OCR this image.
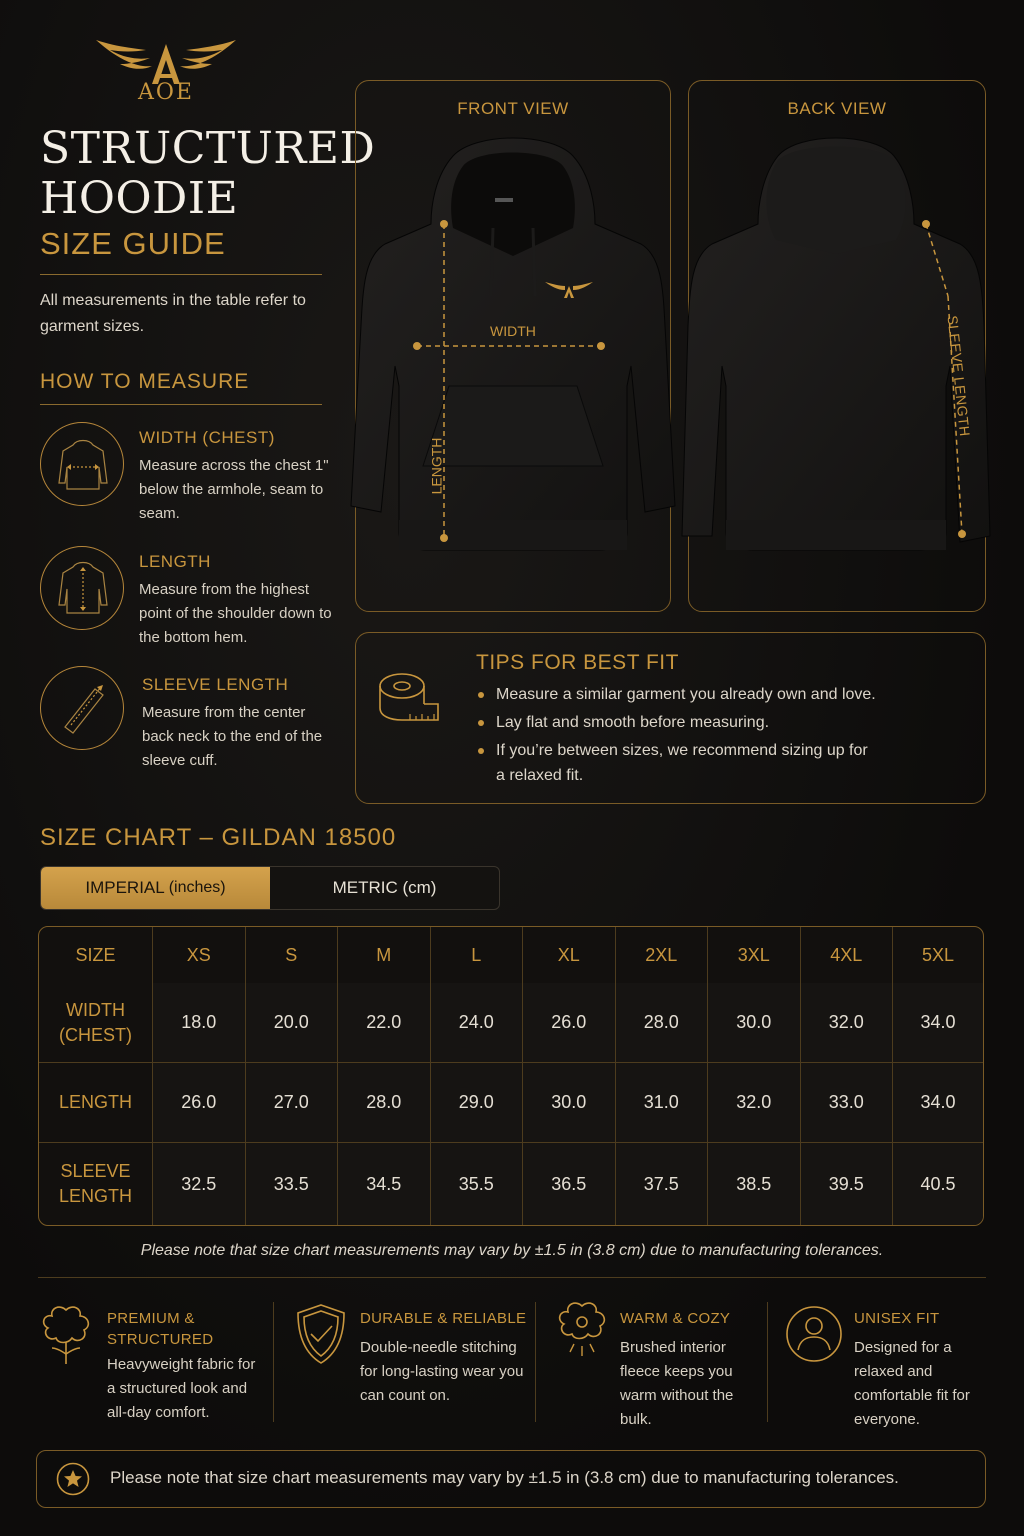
AOE
STRUCTURED
HOODIE
SIZE GUIDE
All measurements in the table refer to garment sizes.
HOW TO MEASURE
WIDTH (CHEST)
Measure across the chest 1" below the armhole, seam to seam.
LENGTH
Measure from the highest point of the shoulder down to the bottom hem.
SLEEVE LENGTH
Measure from the center back neck to the end of the sleeve cuff.
FRONT VIEW
WIDTH
LENGTH
BACK VIEW
SLEEVE LENGTH
TIPS FOR BEST FIT
Measure a similar garment you already own and love.
Lay flat and smooth before measuring.
If you’re between sizes, we recommend sizing up for a relaxed fit.
SIZE CHART – GILDAN 18500
IMPERIAL (inches)	METRIC (cm)
SIZE	XS	S	M	L	XL	2XL	3XL	4XL	5XL

WIDTH
(CHEST)	18.0	20.0	22.0	24.0	26.0	28.0	30.0	32.0	34.0

LENGTH	26.0	27.0	28.0	29.0	30.0	31.0	32.0	33.0	34.0

SLEEVE
LENGTH	32.5	33.5	34.5	35.5	36.5	37.5	38.5	39.5	40.5
Please note that size chart measurements may vary by ±1.5 in (3.8 cm) due to manufacturing tolerances.
PREMIUM & STRUCTURED
Heavyweight fabric for a structured look and all-day comfort.
DURABLE & RELIABLE
Double-needle stitching for long-lasting wear you can count on.
WARM & COZY
Brushed interior fleece keeps you warm without the bulk.
UNISEX FIT
Designed for a relaxed and comfortable fit for everyone.
Please note that size chart measurements may vary by ±1.5 in (3.8 cm) due to manufacturing tolerances.
